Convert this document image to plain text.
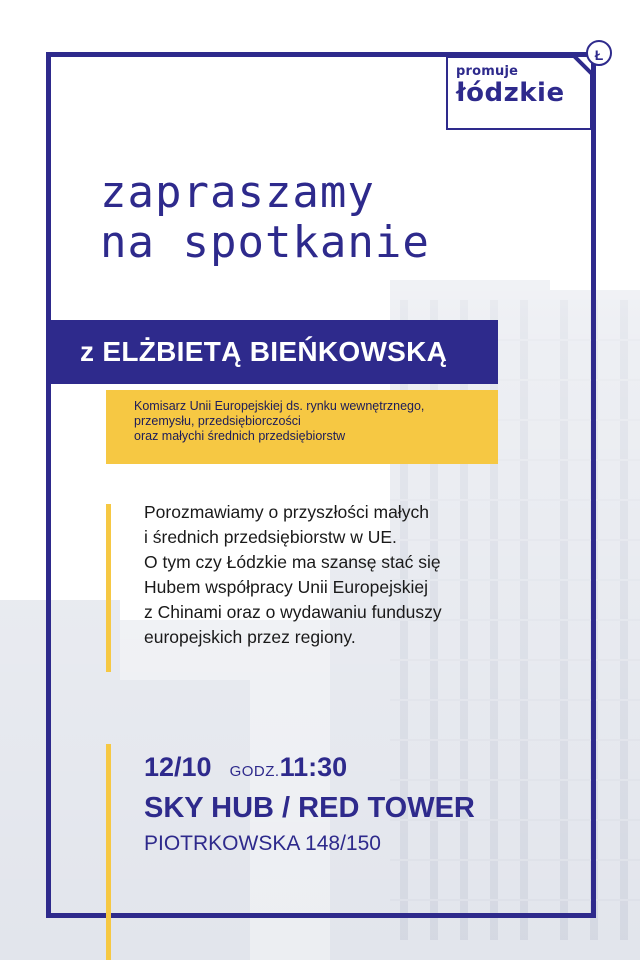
promuje
łódzkie
Ł
zapraszamy
na spotkanie
z ELŻBIETĄ BIEŃKOWSKĄ
Komisarz Unii Europejskiej ds. rynku wewnętrznego,
przemysłu, przedsiębiorczości
oraz małychi średnich przedsiębiorstw
Porozmawiamy o przyszłości małych
i średnich przedsiębiorstw w UE.
O tym czy Łódzkie ma szansę stać się
Hubem współpracy Unii Europejskiej
z Chinami oraz o wydawaniu funduszy
europejskich przez regiony.
12/10 GODZ.11:30
SKY HUB / RED TOWER
PIOTRKOWSKA 148/150
